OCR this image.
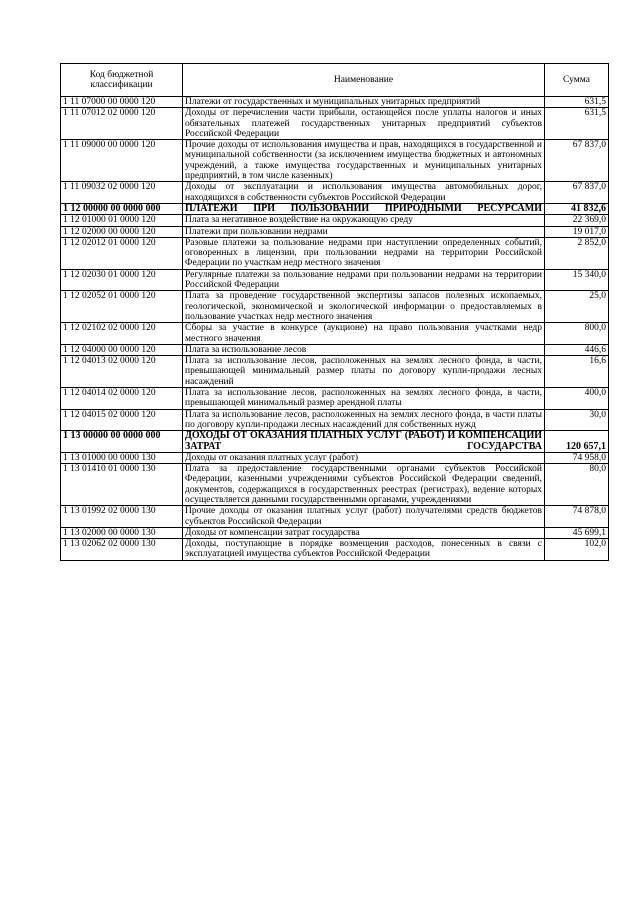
Код бюджетной классификации	Наименование	Сумма
1 11 07000 00 0000 120	Платежи от государственных и муниципальных унитарных предприятий	631,5
1 11 07012 02 0000 120	Доходы от перечисления части прибыли, остающейся после уплаты налогов и иных обязательных платежей государственных унитарных предприятий субъектов Российской Федерации	631,5
1 11 09000 00 0000 120	Прочие доходы от использования имущества и прав, находящихся в государственной и муниципальной собственности (за исключением имущества бюджетных и автономных учреждений, а также имущества государственных и муниципальных унитарных предприятий, в том числе казенных)	67 837,0
1 11 09032 02 0000 120	Доходы от эксплуатации и использования имущества автомобильных дорог, находящихся в собственности субъектов Российской Федерации	67 837,0
1 12 00000 00 0000 000	ПЛАТЕЖИ ПРИ ПОЛЬЗОВАНИИ ПРИРОДНЫМИ РЕСУРСАМИ	41 832,6
1 12 01000 01 0000 120	Плата за негативное воздействие на окружающую среду	22 369,0
1 12 02000 00 0000 120	Платежи при пользовании недрами	19 017,0
1 12 02012 01 0000 120	Разовые платежи за пользование недрами при наступлении определенных событий, оговоренных в лицензии, при пользовании недрами на территории Российской Федерации по участкам недр местного значения	2 852,0
1 12 02030 01 0000 120	Регулярные платежи за пользование недрами при пользовании недрами на территории Российской Федерации	15 340,0
1 12 02052 01 0000 120	Плата за проведение государственной экспертизы запасов полезных ископаемых, геологической, экономической и экологической информации о предоставляемых в пользование участках недр местного значения	25,0
1 12 02102 02 0000 120	Сборы за участие в конкурсе (аукционе) на право пользования участками недр местного значения	800,0
1 12 04000 00 0000 120	Плата за использование лесов	446,6
1 12 04013 02 0000 120	Плата за использование лесов, расположенных на землях лесного фонда, в части, превышающей минимальный размер платы по договору купли-продажи лесных насаждений	16,6
1 12 04014 02 0000 120	Плата за использование лесов, расположенных на землях лесного фонда, в части, превышающей минимальный размер арендной платы	400,0
1 12 04015 02 0000 120	Плата за использование лесов, расположенных на землях лесного фонда, в части платы по договору купли-продажи лесных насаждений для собственных нужд	30,0
1 13 00000 00 0000 000	ДОХОДЫ ОТ ОКАЗАНИЯ ПЛАТНЫХ УСЛУГ (РАБОТ) И КОМПЕНСАЦИИ ЗАТРАТ ГОСУДАРСТВА	120 657,1
1 13 01000 00 0000 130	Доходы от оказания платных услуг (работ)	74 958,0
1 13 01410 01 0000 130	Плата за предоставление государственными органами субъектов Российской Федерации, казенными учреждениями субъектов Российской Федерации сведений, документов, содержащихся в государственных реестрах (регистрах), ведение которых осуществляется данными государственными органами, учреждениями	80,0
1 13 01992 02 0000 130	Прочие доходы от оказания платных услуг (работ) получателями средств бюджетов субъектов Российской Федерации	74 878,0
1 13 02000 00 0000 130	Доходы от компенсации затрат государства	45 699,1
1 13 02062 02 0000 130	Доходы, поступающие в порядке возмещения расходов, понесенных в связи с эксплуатацией имущества субъектов Российской Федерации	102,0
